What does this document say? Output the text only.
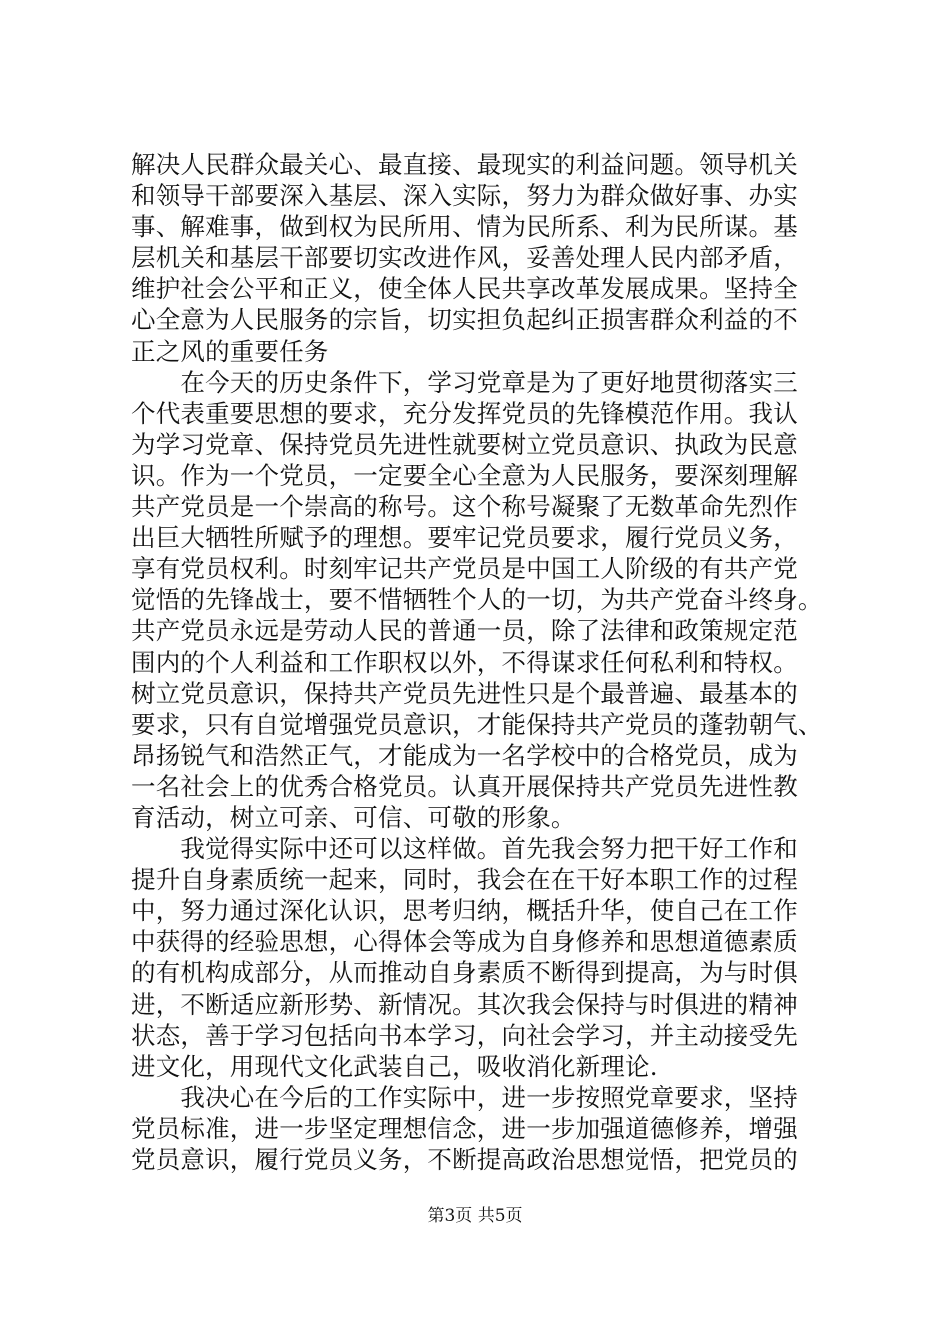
解决人民群众最关心、最直接、最现实的利益问题。领导机关
和领导干部要深入基层、深入实际，努力为群众做好事、办实
事、解难事，做到权为民所用、情为民所系、利为民所谋。基
层机关和基层干部要切实改进作风，妥善处理人民内部矛盾，
维护社会公平和正义，使全体人民共享改革发展成果。坚持全
心全意为人民服务的宗旨，切实担负起纠正损害群众利益的不
正之风的重要任务
　　在今天的历史条件下，学习党章是为了更好地贯彻落实三
个代表重要思想的要求，充分发挥党员的先锋模范作用。我认
为学习党章、保持党员先进性就要树立党员意识、执政为民意
识。作为一个党员，一定要全心全意为人民服务，要深刻理解
共产党员是一个崇高的称号。这个称号凝聚了无数革命先烈作
出巨大牺牲所赋予的理想。要牢记党员要求，履行党员义务，
享有党员权利。时刻牢记共产党员是中国工人阶级的有共产党
觉悟的先锋战士，要不惜牺牲个人的一切，为共产党奋斗终身。
共产党员永远是劳动人民的普通一员，除了法律和政策规定范
围内的个人利益和工作职权以外，不得谋求任何私利和特权。
树立党员意识，保持共产党员先进性只是个最普遍、最基本的
要求，只有自觉增强党员意识，才能保持共产党员的蓬勃朝气、
昂扬锐气和浩然正气，才能成为一名学校中的合格党员，成为
一名社会上的优秀合格党员。认真开展保持共产党员先进性教
育活动，树立可亲、可信、可敬的形象。
　　我觉得实际中还可以这样做。首先我会努力把干好工作和
提升自身素质统一起来，同时，我会在在干好本职工作的过程
中，努力通过深化认识，思考归纳，概括升华，使自己在工作
中获得的经验思想，心得体会等成为自身修养和思想道德素质
的有机构成部分，从而推动自身素质不断得到提高，为与时俱
进，不断适应新形势、新情况。其次我会保持与时俱进的精神
状态，善于学习包括向书本学习，向社会学习，并主动接受先
进文化，用现代文化武装自己，吸收消化新理论.
　　我决心在今后的工作实际中，进一步按照党章要求，坚持
党员标准，进一步坚定理想信念，进一步加强道德修养，增强
党员意识，履行党员义务，不断提高政治思想觉悟，把党员的
第3页 共5页
